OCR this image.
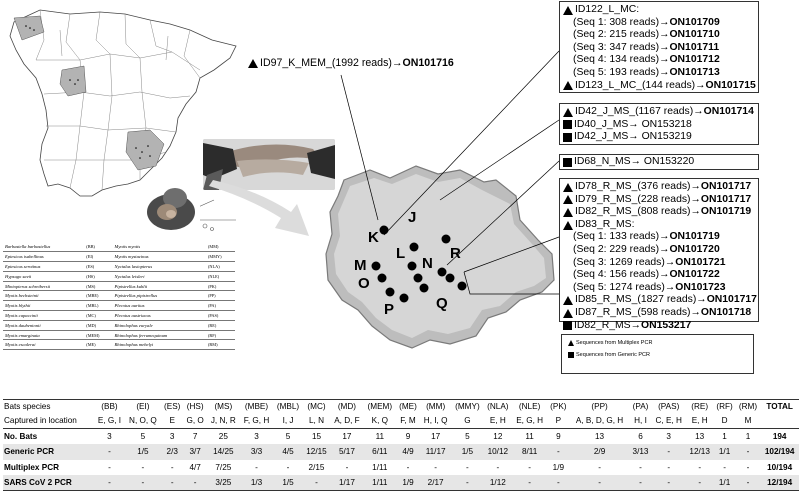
Barbastella barbastellus	(BB)	Myotis myotis	(MM)
Eptesicus isabellinus	(EI)	Myotis mystacinus	(MMY)
Eptesicus serotinus	(ES)	Nyctalus lasiopterus	(NLA)
Hypsugo savii	(HS)	Nyctalus leisleri	(NLE)
Miniopterus schreibersii	(MS)	Pipistrellus kuhlii	(PK)
Myotis bechsteinii	(MBE)	Pipistrellus pipistrellus	(PP)
Myotis blythii	(MBL)	Plecotus auritus	(PA)
Myotis capaccinii	(MC)	Plecotus austriacus	(PAS)
Myotis daubentonii	(MD)	Rhinolophus euryale	(RE)
Myotis emarginata	(MEM)	Rhinolophus ferrumequinum	(RF)
Myotis escalerai	(ME)	Rhinolophus mehelyi	(RM)
J
K
L
M	N
O
P	Q
R
ID97_K_MEM_(1992 reads)→ ON101716
ID122_L_MC:
(Seq 1: 308 reads)→ ON101709
(Seq 2: 215 reads)→ ON101710
(Seq 3: 347 reads)→ ON101711
(Seq 4: 134 reads)→ ON101712
(Seq 5: 193 reads)→ ON101713
ID123_L_MC_(144 reads)→ ON101715
ID42_J_MS_(1167 reads)→ ON101714
ID40_J_MS→ ON153218
ID42_J_MS→ ON153219
ID68_N_MS→ ON153220
ID78_R_MS_(376 reads)→ ON101717
ID79_R_MS_(228 reads)→ ON101717
ID82_R_MS_(808 reads)→ ON101719
ID83_R_MS:
(Seq 1: 133 reads)→ ON101719
(Seq 2: 229 reads)→ ON101720
(Seq 3: 1269 reads)→ ON101721
(Seq 4: 156 reads)→ ON101722
(Seq 5: 1274 reads)→ ON101723
ID85_R_MS_(1827 reads)→ ON101717
ID87_R_MS_(598 reads)→ ON101718
ID82_R_MS→ ON153217
Sequences from Multiplex PCR
Sequences from Generic PCR
Bats species	(BB)	(EI)	(ES)	(HS)	(MS)	(MBE)	(MBL)	(MC)	(MD)	(MEM)	(ME)	(MM)	(MMY)	(NLA)	(NLE)	(PK)	(PP)	(PA)	(PAS)	(RE)	(RF)	(RM)	TOTAL
Captured in location	E, G, I	N, O, Q	E	G, O	J, N, R	F, G, H	I, J	L, N	A, D, F	K, Q	F, M	H, I, Q	G	E, H	E, G, H	P	A, B, D, G, H	H, I	C, E, H	E, H	D	M	
No. Bats	3	5	3	7	25	3	5	15	17	11	9	17	5	12	11	9	13	6	3	13	1	1	194
Generic PCR	-	1/5	2/3	3/7	14/25	3/3	4/5	12/15	5/17	6/11	4/9	11/17	1/5	10/12	8/11	-	2/9	3/13	-	12/13	1/1	-	102/194
Multiplex PCR	-	-	-	4/7	7/25	-	-	2/15	-	1/11	-	-	-	-	-	1/9	-	-	-	-	-	-	10/194
SARS CoV 2 PCR	-	-	-	-	3/25	1/3	1/5	-	1/17	1/11	1/9	2/17	-	1/12	-	-	-	-	-	-	1/1	-	12/194
